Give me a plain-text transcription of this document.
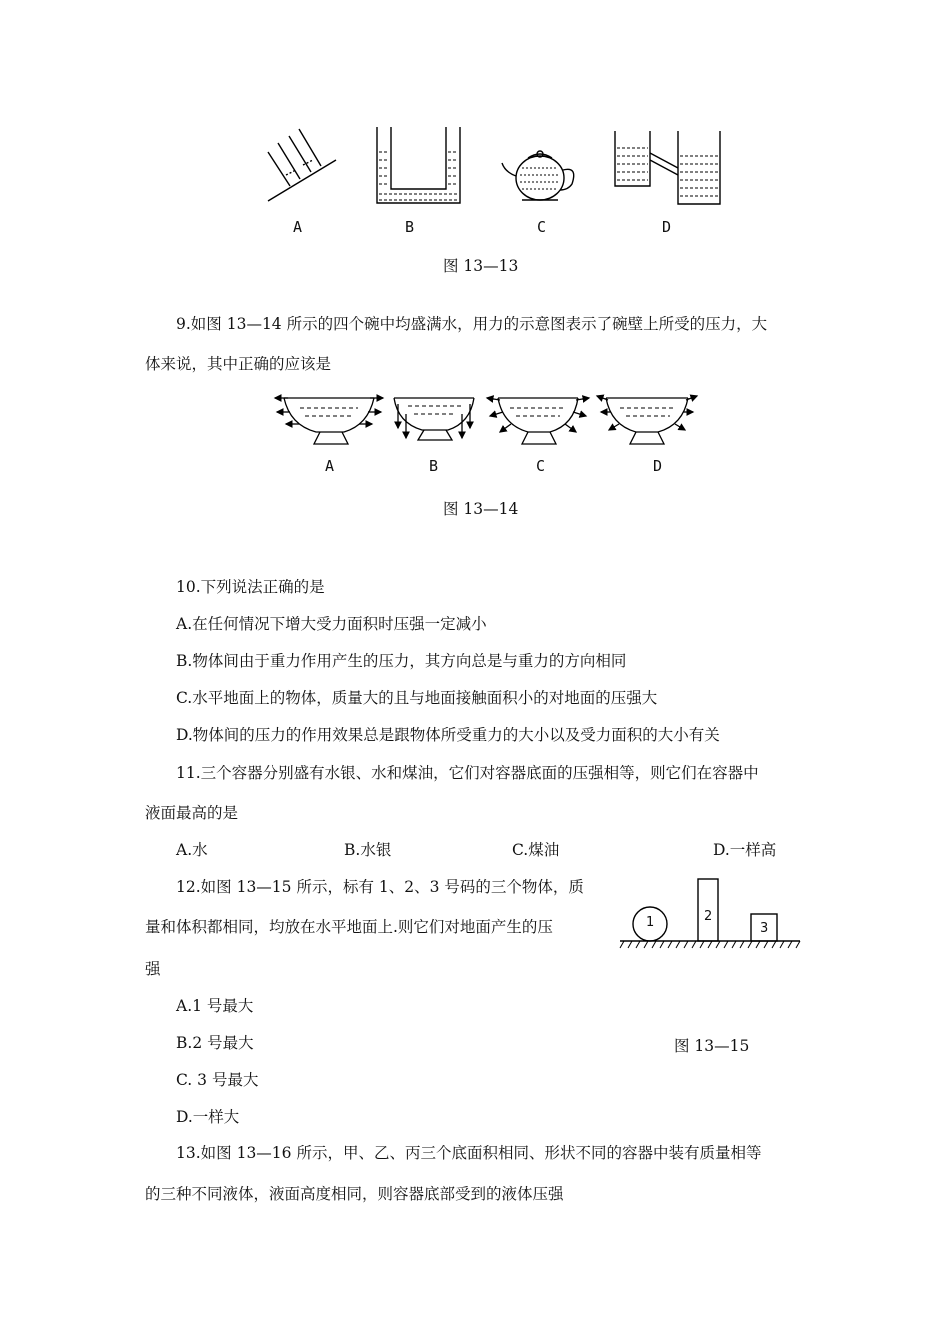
A	B	C	D
图 13—13
9.如图 13—14 所示的四个碗中均盛满水，用力的示意图表示了碗壁上所受的压力，大
体来说，其中正确的应该是
A	B	C	D
图 13—14
10.下列说法正确的是
A.在任何情况下增大受力面积时压强一定减小
B.物体间由于重力作用产生的压力，其方向总是与重力的方向相同
C.水平地面上的物体，质量大的且与地面接触面积小的对地面的压强大
D.物体间的压力的作用效果总是跟物体所受重力的大小以及受力面积的大小有关
11.三个容器分别盛有水银、水和煤油，它们对容器底面的压强相等，则它们在容器中
液面最高的是
A.水	B.水银	C.煤油	D.一样高
12.如图 13—15 所示，标有 1、2、3 号码的三个物体，质
量和体积都相同，均放在水平地面上.则它们对地面产生的压
强
A.1 号最大
B.2 号最大
C. 3 号最大
D.一样大
1	2
3
图 13—15
13.如图 13—16 所示，甲、乙、丙三个底面积相同、形状不同的容器中装有质量相等
的三种不同液体，液面高度相同，则容器底部受到的液体压强
